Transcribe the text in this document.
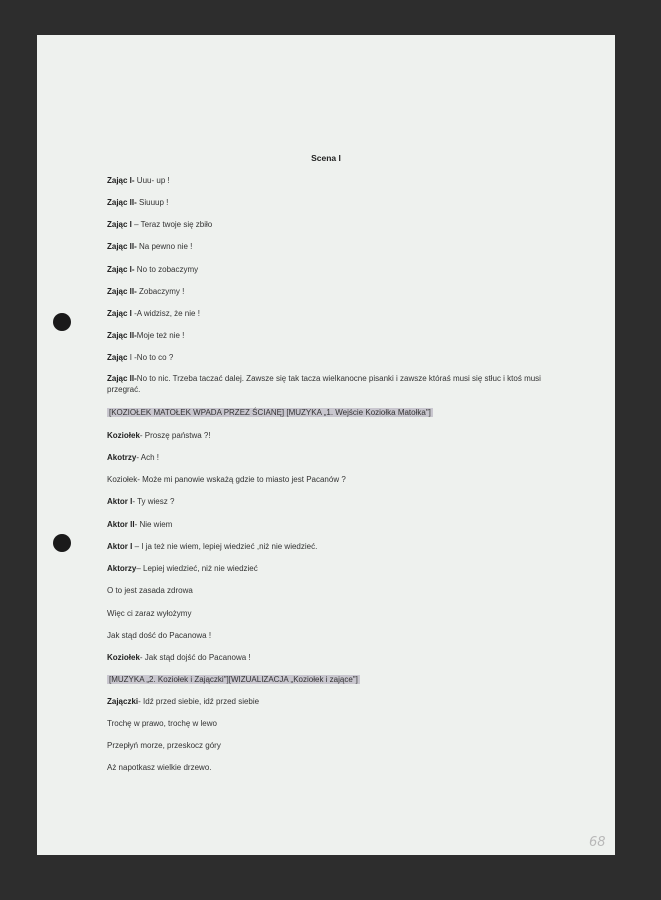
Scena I
Zając I- Uuu- up !
Zając II- Siuuup !
Zając I – Teraz twoje się zbiło
Zając II- Na pewno nie !
Zając I- No to zobaczymy
Zając II- Zobaczymy !
Zając I -A widzisz, że nie !
Zając II-Moje też nie !
Zając I -No to co ?
Zając II-No to nic. Trzeba taczać dalej. Zawsze się tak tacza wielkanocne pisanki i zawsze któraś musi się stłuc i ktoś musi przegrać.
[KOZIOŁEK MATOŁEK WPADA PRZEZ ŚCIANĘ] [MUZYKA „1. Wejście Koziołka Matołka"]
Koziołek- Proszę państwa ?!
Akotrzy- Ach !
Koziołek- Może mi panowie wskażą gdzie to miasto jest Pacanów ?
Aktor I- Ty wiesz ?
Aktor II- Nie wiem
Aktor I – I ja też nie wiem, lepiej wiedzieć ,niż nie wiedzieć.
Aktorzy– Lepiej wiedzieć, niż nie wiedzieć
O to jest zasada zdrowa
Więc ci zaraz wyłożymy
Jak stąd dość do Pacanowa !
Koziołek- Jak stąd dojść do Pacanowa !
[MUZYKA „2. Koziołek i Zajączki"][WIZUALIZACJA „Koziołek i zające"]
Zajączki- Idź przed siebie, idź przed siebie
Trochę w prawo, trochę w lewo
Przepłyń morze, przeskocz góry
Aż napotkasz wielkie drzewo.
68
